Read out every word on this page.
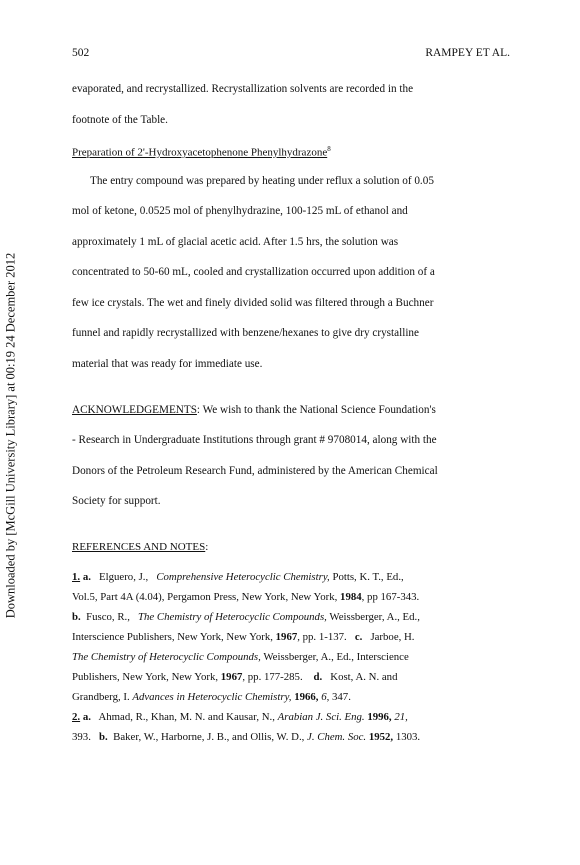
Downloaded by [McGill University Library] at 00:19 24 December 2012
502	RAMPEY ET AL.
evaporated, and recrystallized. Recrystallization solvents are recorded in the
footnote of the Table.
Preparation of 2'-Hydroxyacetophenone Phenylhydrazone$^8$
The entry compound was prepared by heating under reflux a solution of 0.05
mol of ketone, 0.0525 mol of phenylhydrazine, 100-125 mL of ethanol and
approximately 1 mL of glacial acetic acid. After 1.5 hrs, the solution was
concentrated to 50-60 mL, cooled and crystallization occurred upon addition of a
few ice crystals. The wet and finely divided solid was filtered through a Buchner
funnel and rapidly recrystallized with benzene/hexanes to give dry crystalline
material that was ready for immediate use.
ACKNOWLEDGEMENTS: We wish to thank the National Science Foundation's
- Research in Undergraduate Institutions through grant # 9708014, along with the
Donors of the Petroleum Research Fund, administered by the American Chemical
Society for support.
REFERENCES AND NOTES:
1. a. Elguero, J., Comprehensive Heterocyclic Chemistry, Potts, K. T., Ed.,
Vol.5, Part 4A (4.04), Pergamon Press, New York, New York, 1984, pp 167-343.
b. Fusco, R., The Chemistry of Heterocyclic Compounds, Weissberger, A., Ed.,
Interscience Publishers, New York, New York, 1967, pp. 1-137. c. Jarboe, H.
The Chemistry of Heterocyclic Compounds, Weissberger, A., Ed., Interscience
Publishers, New York, New York, 1967, pp. 177-285. d. Kost, A. N. and
Grandberg, I. Advances in Heterocyclic Chemistry, 1966, 6, 347.
2. a. Ahmad, R., Khan, M. N. and Kausar, N., Arabian J. Sci. Eng. 1996, 21,
393. b. Baker, W., Harborne, J. B., and Ollis, W. D., J. Chem. Soc. 1952, 1303.
